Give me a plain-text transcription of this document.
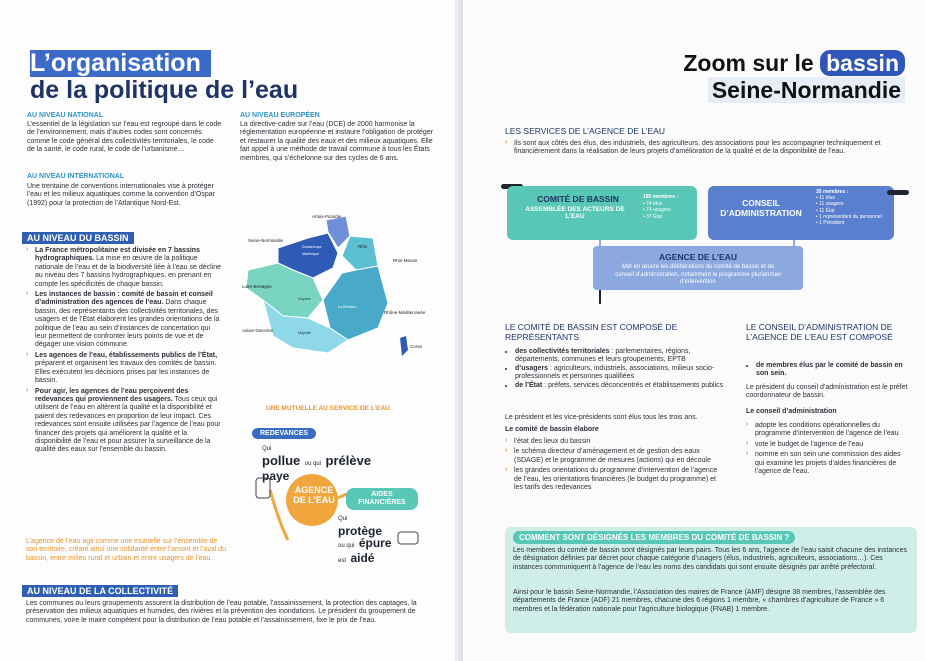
L’organisation
de la politique de l’eau
AU NIVEAU NATIONAL
L’essentiel de la législation sur l’eau est regroupé dans le code de l’environnement, mais d’autres codes sont concernés comme le code général des collectivités territoriales, le code de la santé, le code rural, le code de l’urbanisme…
AU NIVEAU INTERNATIONAL
Une trentaine de conventions internationales vise à protéger l’eau et les milieux aquatiques comme la convention d’Ospar (1992) pour la protection de l’Atlantique Nord-Est.
AU NIVEAU EUROPÉEN
La directive-cadre sur l’eau (DCE) de 2000 harmonise la réglementation européenne et instaure l’obligation de protéger et restaurer la qualité des eaux et des milieux aquatiques. Elle fait appel à une méthode de travail commune à tous les États membres, qui s’échelonne sur des cycles de 6 ans.
AU NIVEAU DU BASSIN
› La France métropolitaine est divisée en 7 bassins hydrographiques. La mise en œuvre de la politique nationale de l’eau et de la biodiversité liée à l’eau se décline au niveau des 7 bassins hydrographiques, en prenant en compte les spécificités de chaque bassin.
› Les instances de bassin : comité de bassin et conseil d’administration des agences de l’eau. Dans chaque bassin, des représentants des collectivités territoriales, des usagers et de l’État élaborent les grandes orientations de la politique de l’eau au sein d’instances de concertation qui leur permettent de confronter leurs points de vue et de dégager une vision commune.
› Les agences de l’eau, établissements publics de l’État, préparent et organisent les travaux des comités de bassin. Elles exécutent les décisions prises par les instances de bassin.
› Pour agir, les agences de l’eau perçoivent des redevances qui proviennent des usagers. Tous ceux qui utilisent de l’eau en altèrent la qualité et la disponibilité et paient des redevances en proportion de leur impact. Ces redevances sont ensuite utilisées par l’agence de l’eau pour financer des projets qui améliorent la qualité et la disponibilité de l’eau et pour assurer la surveillance de la qualité des eaux sur l’ensemble du bassin.
L’agence de l’eau agit comme une mutuelle sur l’ensemble de son territoire, créant ainsi une solidarité entre l’amont et l’aval du bassin, entre milieu rural et urbain et entre usagers de l’eau.
Artois-Picardie
Seine-Normandie
Rhin
Rhin-Meuse
Loire-Bretagne
Rhône-Méditerranée
Adour-Garonne
Corse
Guadeloupe
Martinique
Guyane
La Réunion
Mayotte
UNE MUTUELLE AU SERVICE DE L’EAU
REDEVANCES
Qui
pollue ou qui prélève
paye
AGENCE DE L’EAU
AIDES FINANCIÈRES
Qui
protège
ou qui épure
est aidé
AU NIVEAU DE LA COLLECTIVITÉ
Les communes ou leurs groupements assurent la distribution de l’eau potable, l’assainissement, la protection des captages, la préservation des milieux aquatiques et humides, des rivières et la prévention des inondations. Le président du groupement de communes, voire le maire compétent pour la distribution de l’eau potable et l’assainissement, fixe le prix de l’eau.
Zoom sur le bassin
Seine-Normandie
LES SERVICES DE L’AGENCE DE L’EAU
› Ils sont aux côtés des élus, des industriels, des agriculteurs, des associations pour les accompagner techniquement et financièrement dans la réalisation de leurs projets d’amélioration de la qualité et de la disponibilité de l’eau.
COMITÉ DE BASSIN
ASSEMBLÉE DES ACTEURS DE L’EAU
185 membres :
• 74 élus
• 74 usagers
• 37 État
CONSEIL D’ADMINISTRATION
35 membres :
• 11 élus
• 11 usagers
• 11 État
• 1 représentant du personnel
• 1 Président
AGENCE DE L’EAU
Met en œuvre les délibérations du comité de bassin et du conseil d’administration, notamment le programme pluriannuel d’intervention
LE COMITÉ DE BASSIN EST COMPOSÉ DE REPRÉSENTANTS
• des collectivités territoriales : parlementaires, régions, départements, communes et leurs groupements, EPTB
• d’usagers : agriculteurs, industriels, associations, milieux socio-professionnels et personnes qualifiées
• de l’État : préfets, services déconcentrés et établissements publics
Le président et les vice-présidents sont élus tous les trois ans.
Le comité de bassin élabore
› l’état des lieux du bassin
› le schéma directeur d’aménagement et de gestion des eaux (SDAGE) et le programme de mesures (actions) qui en découle
› les grandes orientations du programme d’intervention de l’agence de l’eau, les orientations financières (le budget du programme) et les tarifs des redevances
LE CONSEIL D’ADMINISTRATION DE L’AGENCE DE L’EAU EST COMPOSÉ
• de membres élus par le comité de bassin en son sein.
Le président du conseil d’administration est le préfet coordonnateur de bassin.
Le conseil d’administration
› adopte les conditions opérationnelles du programme d’intervention de l’agence de l’eau
› vote le budget de l’agence de l’eau
› nomme en son sein une commission des aides qui examine les projets d’aides financières de l’agence de l’eau.
COMMENT SONT DÉSIGNÉS LES MEMBRES DU COMITÉ DE BASSIN ?
Les membres du comité de bassin sont désignés par leurs pairs. Tous les 6 ans, l’agence de l’eau saisit chacune des instances de désignation définies par décret pour chaque catégorie d’usagers (élus, industriels, agriculteurs, associations…). Ces instances communiquent à l’agence de l’eau les noms des candidats qui sont ensuite désignés par arrêté préfectoral.
Ainsi pour le bassin Seine-Normandie, l’Association des maires de France (AMF) désigne 38 membres, l’assemblée des départements de France (ADF) 21 membres, chacune des 6 régions 1 membre, « chambres d’agriculture de France » 6 membres et la fédération nationale pour l’agriculture biologique (FNAB) 1 membre.
